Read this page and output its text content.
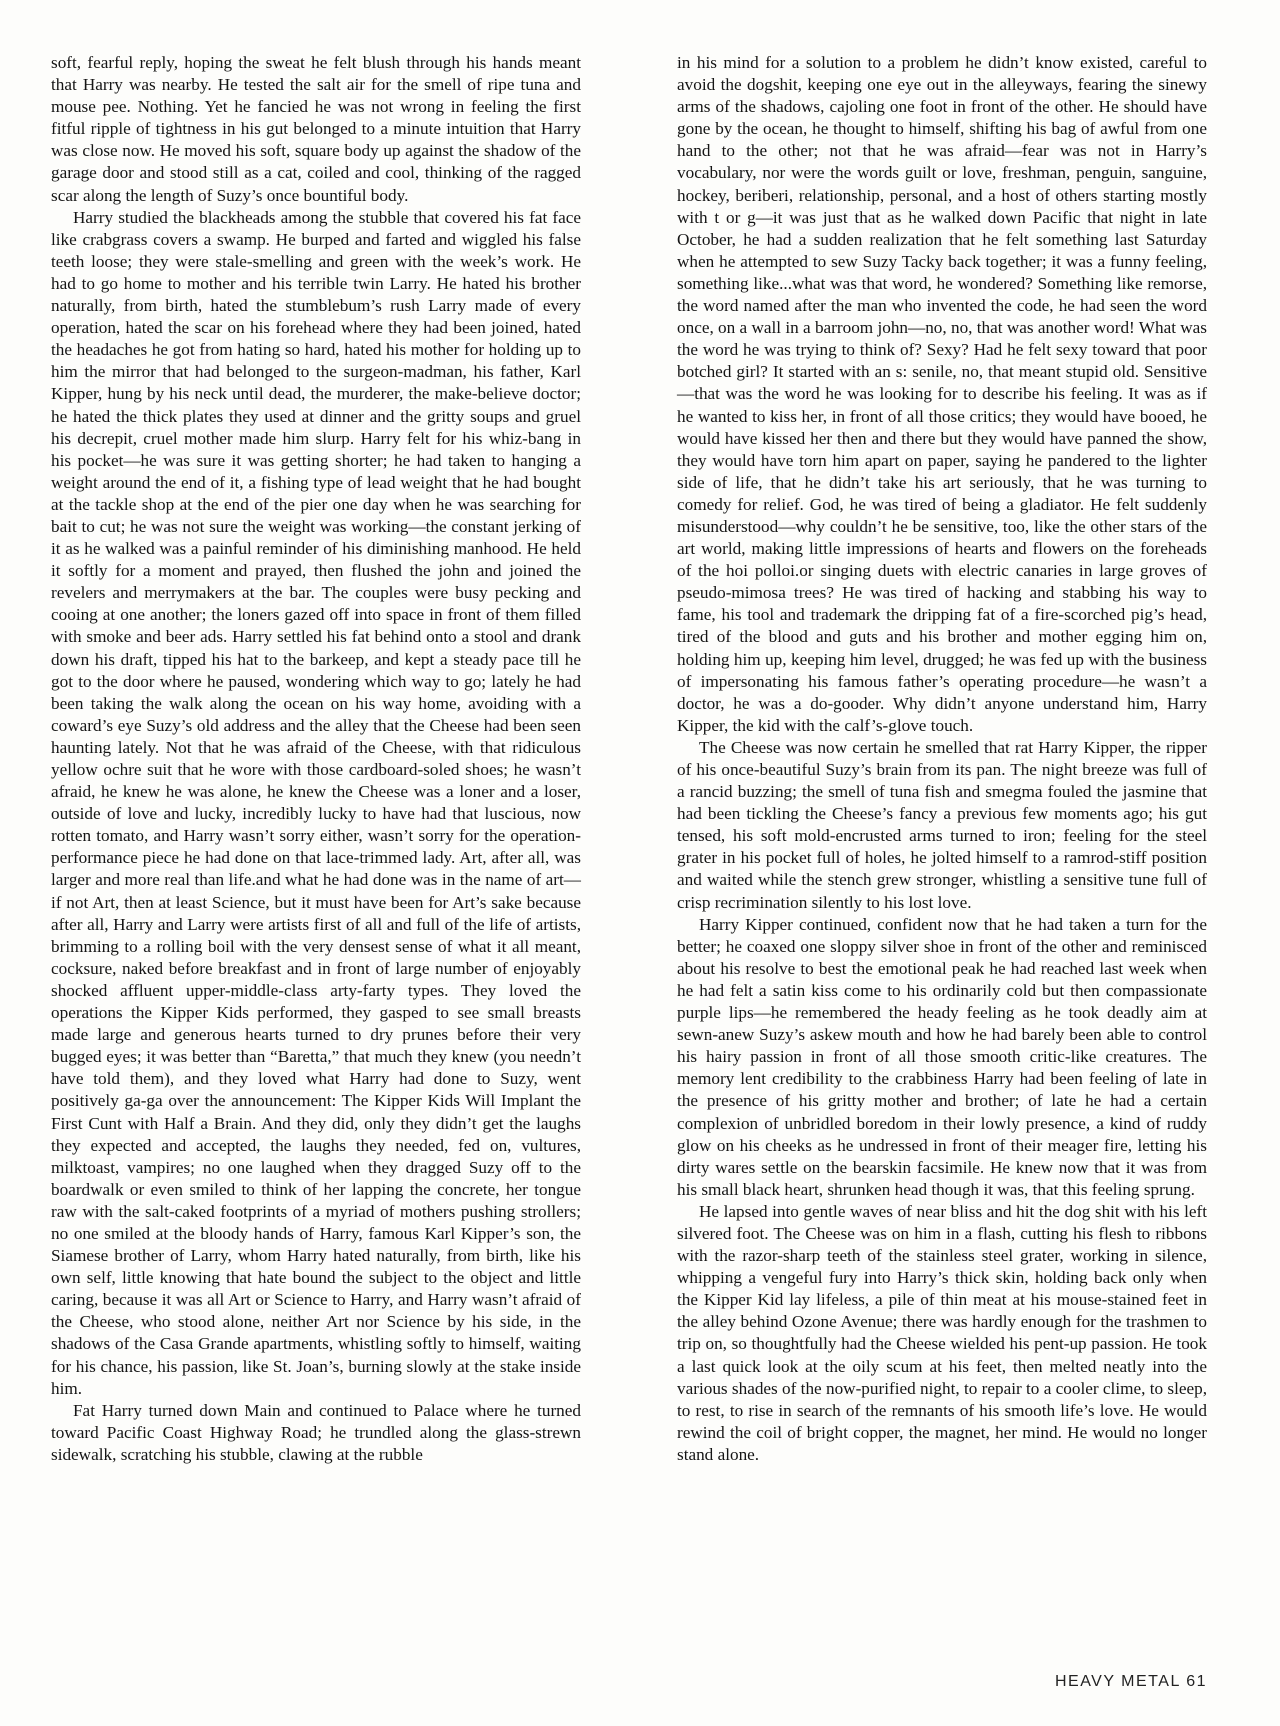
soft, fearful reply, hoping the sweat he felt blush through his hands meant that Harry was nearby. He tested the salt air for the smell of ripe tuna and mouse pee. Nothing. Yet he fancied he was not wrong in feeling the first fitful ripple of tightness in his gut belonged to a minute intuition that Harry was close now. He moved his soft, square body up against the shadow of the garage door and stood still as a cat, coiled and cool, thinking of the ragged scar along the length of Suzy’s once bountiful body.

Harry studied the blackheads among the stubble that covered his fat face like crabgrass covers a swamp. He burped and farted and wiggled his false teeth loose; they were stale-smelling and green with the week’s work. He had to go home to mother and his terrible twin Larry. He hated his brother naturally, from birth, hated the stumblebum’s rush Larry made of every operation, hated the scar on his forehead where they had been joined, hated the headaches he got from hating so hard, hated his mother for holding up to him the mirror that had belonged to the surgeon-madman, his father, Karl Kipper, hung by his neck until dead, the murderer, the make-believe doctor; he hated the thick plates they used at dinner and the gritty soups and gruel his decrepit, cruel mother made him slurp. Harry felt for his whiz-bang in his pocket—he was sure it was getting shorter; he had taken to hanging a weight around the end of it, a fishing type of lead weight that he had bought at the tackle shop at the end of the pier one day when he was searching for bait to cut; he was not sure the weight was working—the constant jerking of it as he walked was a painful reminder of his diminishing manhood. He held it softly for a moment and prayed, then flushed the john and joined the revelers and merrymakers at the bar. The couples were busy pecking and cooing at one another; the loners gazed off into space in front of them filled with smoke and beer ads. Harry settled his fat behind onto a stool and drank down his draft, tipped his hat to the barkeep, and kept a steady pace till he got to the door where he paused, wondering which way to go; lately he had been taking the walk along the ocean on his way home, avoiding with a coward’s eye Suzy’s old address and the alley that the Cheese had been seen haunting lately. Not that he was afraid of the Cheese, with that ridiculous yellow ochre suit that he wore with those cardboard-soled shoes; he wasn’t afraid, he knew he was alone, he knew the Cheese was a loner and a loser, outside of love and lucky, incredibly lucky to have had that luscious, now rotten tomato, and Harry wasn’t sorry either, wasn’t sorry for the operation-performance piece he had done on that lace-trimmed lady. Art, after all, was larger and more real than life.and what he had done was in the name of art—if not Art, then at least Science, but it must have been for Art’s sake because after all, Harry and Larry were artists first of all and full of the life of artists, brimming to a rolling boil with the very densest sense of what it all meant, cocksure, naked before breakfast and in front of large number of enjoyably shocked affluent upper-middle-class arty-farty types. They loved the operations the Kipper Kids performed, they gasped to see small breasts made large and generous hearts turned to dry prunes before their very bugged eyes; it was better than “Baretta,” that much they knew (you needn’t have told them), and they loved what Harry had done to Suzy, went positively ga-ga over the announcement: The Kipper Kids Will Implant the First Cunt with Half a Brain. And they did, only they didn’t get the laughs they expected and accepted, the laughs they needed, fed on, vultures, milktoast, vampires; no one laughed when they dragged Suzy off to the boardwalk or even smiled to think of her lapping the concrete, her tongue raw with the salt-caked footprints of a myriad of mothers pushing strollers; no one smiled at the bloody hands of Harry, famous Karl Kipper’s son, the Siamese brother of Larry, whom Harry hated naturally, from birth, like his own self, little knowing that hate bound the subject to the object and little caring, because it was all Art or Science to Harry, and Harry wasn’t afraid of the Cheese, who stood alone, neither Art nor Science by his side, in the shadows of the Casa Grande apartments, whistling softly to himself, waiting for his chance, his passion, like St. Joan’s, burning slowly at the stake inside him.

Fat Harry turned down Main and continued to Palace where he turned toward Pacific Coast Highway Road; he trundled along the glass-strewn sidewalk, scratching his stubble, clawing at the rubble

in his mind for a solution to a problem he didn’t know existed, careful to avoid the dogshit, keeping one eye out in the alleyways, fearing the sinewy arms of the shadows, cajoling one foot in front of the other. He should have gone by the ocean, he thought to himself, shifting his bag of awful from one hand to the other; not that he was afraid—fear was not in Harry’s vocabulary, nor were the words guilt or love, freshman, penguin, sanguine, hockey, beriberi, relationship, personal, and a host of others starting mostly with t or g—it was just that as he walked down Pacific that night in late October, he had a sudden realization that he felt something last Saturday when he attempted to sew Suzy Tacky back together; it was a funny feeling, something like...what was that word, he wondered? Something like remorse, the word named after the man who invented the code, he had seen the word once, on a wall in a barroom john—no, no, that was another word! What was the word he was trying to think of? Sexy? Had he felt sexy toward that poor botched girl? It started with an s: senile, no, that meant stupid old. Sensitive—that was the word he was looking for to describe his feeling. It was as if he wanted to kiss her, in front of all those critics; they would have booed, he would have kissed her then and there but they would have panned the show, they would have torn him apart on paper, saying he pandered to the lighter side of life, that he didn’t take his art seriously, that he was turning to comedy for relief. God, he was tired of being a gladiator. He felt suddenly misunderstood—why couldn’t he be sensitive, too, like the other stars of the art world, making little impressions of hearts and flowers on the foreheads of the hoi polloi.or singing duets with electric canaries in large groves of pseudo-mimosa trees? He was tired of hacking and stabbing his way to fame, his tool and trademark the dripping fat of a fire-scorched pig’s head, tired of the blood and guts and his brother and mother egging him on, holding him up, keeping him level, drugged; he was fed up with the business of impersonating his famous father’s operating procedure—he wasn’t a doctor, he was a do-gooder. Why didn’t anyone understand him, Harry Kipper, the kid with the calf’s-glove touch.

The Cheese was now certain he smelled that rat Harry Kipper, the ripper of his once-beautiful Suzy’s brain from its pan. The night breeze was full of a rancid buzzing; the smell of tuna fish and smegma fouled the jasmine that had been tickling the Cheese’s fancy a previous few moments ago; his gut tensed, his soft mold-encrusted arms turned to iron; feeling for the steel grater in his pocket full of holes, he jolted himself to a ramrod-stiff position and waited while the stench grew stronger, whistling a sensitive tune full of crisp recrimination silently to his lost love.

Harry Kipper continued, confident now that he had taken a turn for the better; he coaxed one sloppy silver shoe in front of the other and reminisced about his resolve to best the emotional peak he had reached last week when he had felt a satin kiss come to his ordinarily cold but then compassionate purple lips—he remembered the heady feeling as he took deadly aim at sewn-anew Suzy’s askew mouth and how he had barely been able to control his hairy passion in front of all those smooth critic-like creatures. The memory lent credibility to the crabbiness Harry had been feeling of late in the presence of his gritty mother and brother; of late he had a certain complexion of unbridled boredom in their lowly presence, a kind of ruddy glow on his cheeks as he undressed in front of their meager fire, letting his dirty wares settle on the bearskin facsimile. He knew now that it was from his small black heart, shrunken head though it was, that this feeling sprung.

He lapsed into gentle waves of near bliss and hit the dog shit with his left silvered foot. The Cheese was on him in a flash, cutting his flesh to ribbons with the razor-sharp teeth of the stainless steel grater, working in silence, whipping a vengeful fury into Harry’s thick skin, holding back only when the Kipper Kid lay lifeless, a pile of thin meat at his mouse-stained feet in the alley behind Ozone Avenue; there was hardly enough for the trashmen to trip on, so thoughtfully had the Cheese wielded his pent-up passion. He took a last quick look at the oily scum at his feet, then melted neatly into the various shades of the now-purified night, to repair to a cooler clime, to sleep, to rest, to rise in search of the remnants of his smooth life’s love. He would rewind the coil of bright copper, the magnet, her mind. He would no longer stand alone.

HEAVY METAL 61
